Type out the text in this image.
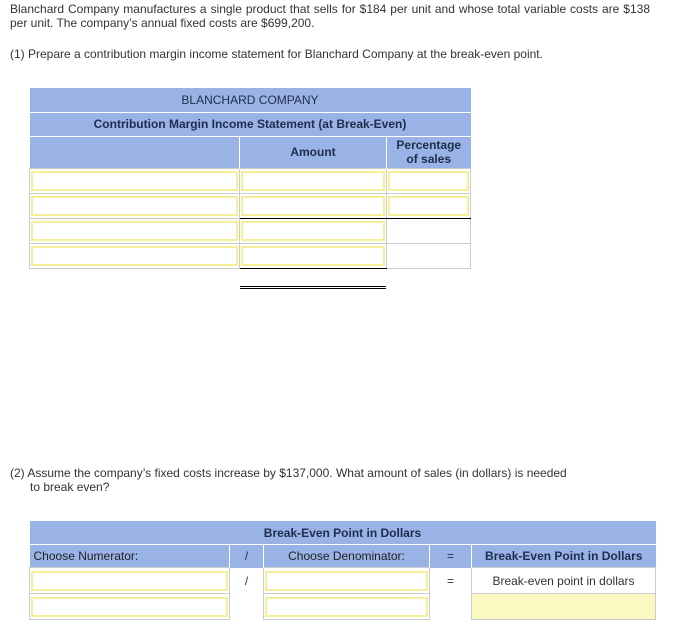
Blanchard Company manufactures a single product that sells for $184 per unit and whose total variable costs are $138 per unit. The company’s annual fixed costs are $699,200.
(1) Prepare a contribution margin income statement for Blanchard Company at the break-even point.
BLANCHARD COMPANY		
Contribution Margin Income Statement (at Break-Even)		
	Amount	Percentage
of sales

(2) Assume the company’s fixed costs increase by $137,000. What amount of sales (in dollars) is needed
to break even?
Break-Even Point in Dollars				
Choose Numerator:	/	Choose Denominator:	=	Break-Even Point in Dollars

	/		=	Break-even point in dollars
